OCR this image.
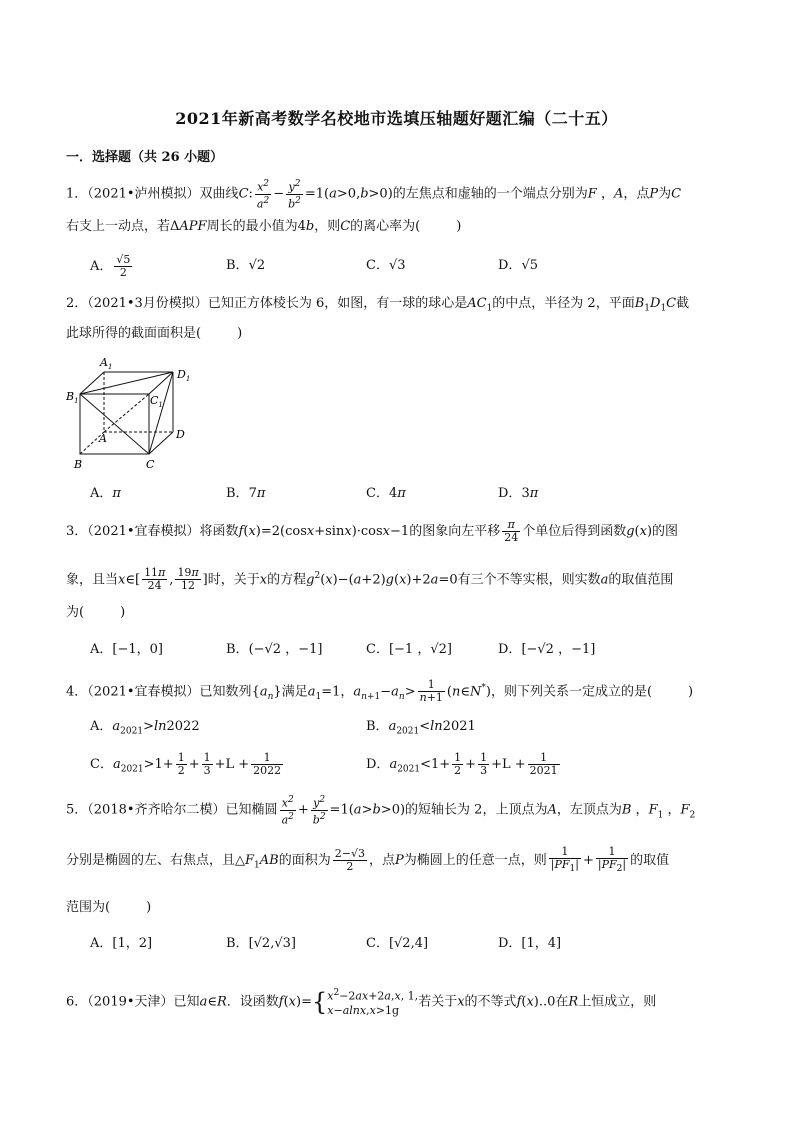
2021年新高考数学名校地市选填压轴题好题汇编（二十五）
一．选择题（共 26 小题）
1．（2021•泸州模拟）双曲线C: $\frac{x^2}{a^2} - \frac{y^2}{b^2} =1(a>0,b>0)$的左焦点和虚轴的一个端点分别为F ，A，点P为C
右支上一动点，若ΔAPF周长的最小值为4b，则C的离心率为(	)
A． $\frac{√5}{2}$	B．√2	C．√3	D．√5
2．（2021•3月份模拟）已知正方体棱长为 6，如图，有一球的球心是$AC_1$的中点，半径为 2，平面$B_1D_1C$截
此球所得的截面面积是(	)
$A_1$
$D_1$
$B_1$	$C_1$
A	D
B	C
A．π	B．7π	C．4π	D．3π
3．（2021•宜春模拟）将函数f(x)=2(cosx+sinx)·cosx−1的图象向左平移 $\frac{\pi}{24}$ 个单位后得到函数g(x)的图
象，且当x∈[ $\frac{11\pi}{24}$ , $\frac{19\pi}{12}$ ]时，关于x的方程$g^2(x)-(a+2)g(x)+2a=0$有三个不等实根，则实数a的取值范围
为(	)
A．[−1，0]	B．(−√2 ，−1]	C．[−1 ，√2]	D．[−√2 ，−1]
4．（2021•宜春模拟）已知数列$\{a_n\}$满足$a_1=1$，$a_{n+1}-a_n> \frac{1}{n+1}$ (n∈N*)，则下列关系一定成立的是(	)
A．$a_{2021}>\ln 2022$	B．$a_{2021}<\ln 2021$
C．$a_{2021}>1+ \frac{1}{2} + \frac{1}{3} +L + \frac{1}{2022}$	D．$a_{2021}<1+ \frac{1}{2} + \frac{1}{3} +L + \frac{1}{2021}$
5．（2018•齐齐哈尔二模）已知椭圆 $\frac{x^2}{a^2} + \frac{y^2}{b^2} =1(a>b>0)$的短轴长为 2，上顶点为A，左顶点为B ，$F_1$ ，$F_2$
分别是椭圆的左、右焦点，且$\triangle F_1AB$的面积为 $\frac{2-√3}{2}$ ，点P为椭圆上的任意一点，则 $\frac{1}{|PF_1|} + \frac{1}{|PF_2|}$ 的取值
范围为(	)
A．[1，2]	B．[√2,√3]	C．[√2,4]	D．[1，4]
6．（2019•天津）已知a∈R．设函数f(x)={ $x^2-2ax+2a,x$, 1,
x−alnx,x>1g
若关于x的不等式f(x)..0在R上恒成立，则
